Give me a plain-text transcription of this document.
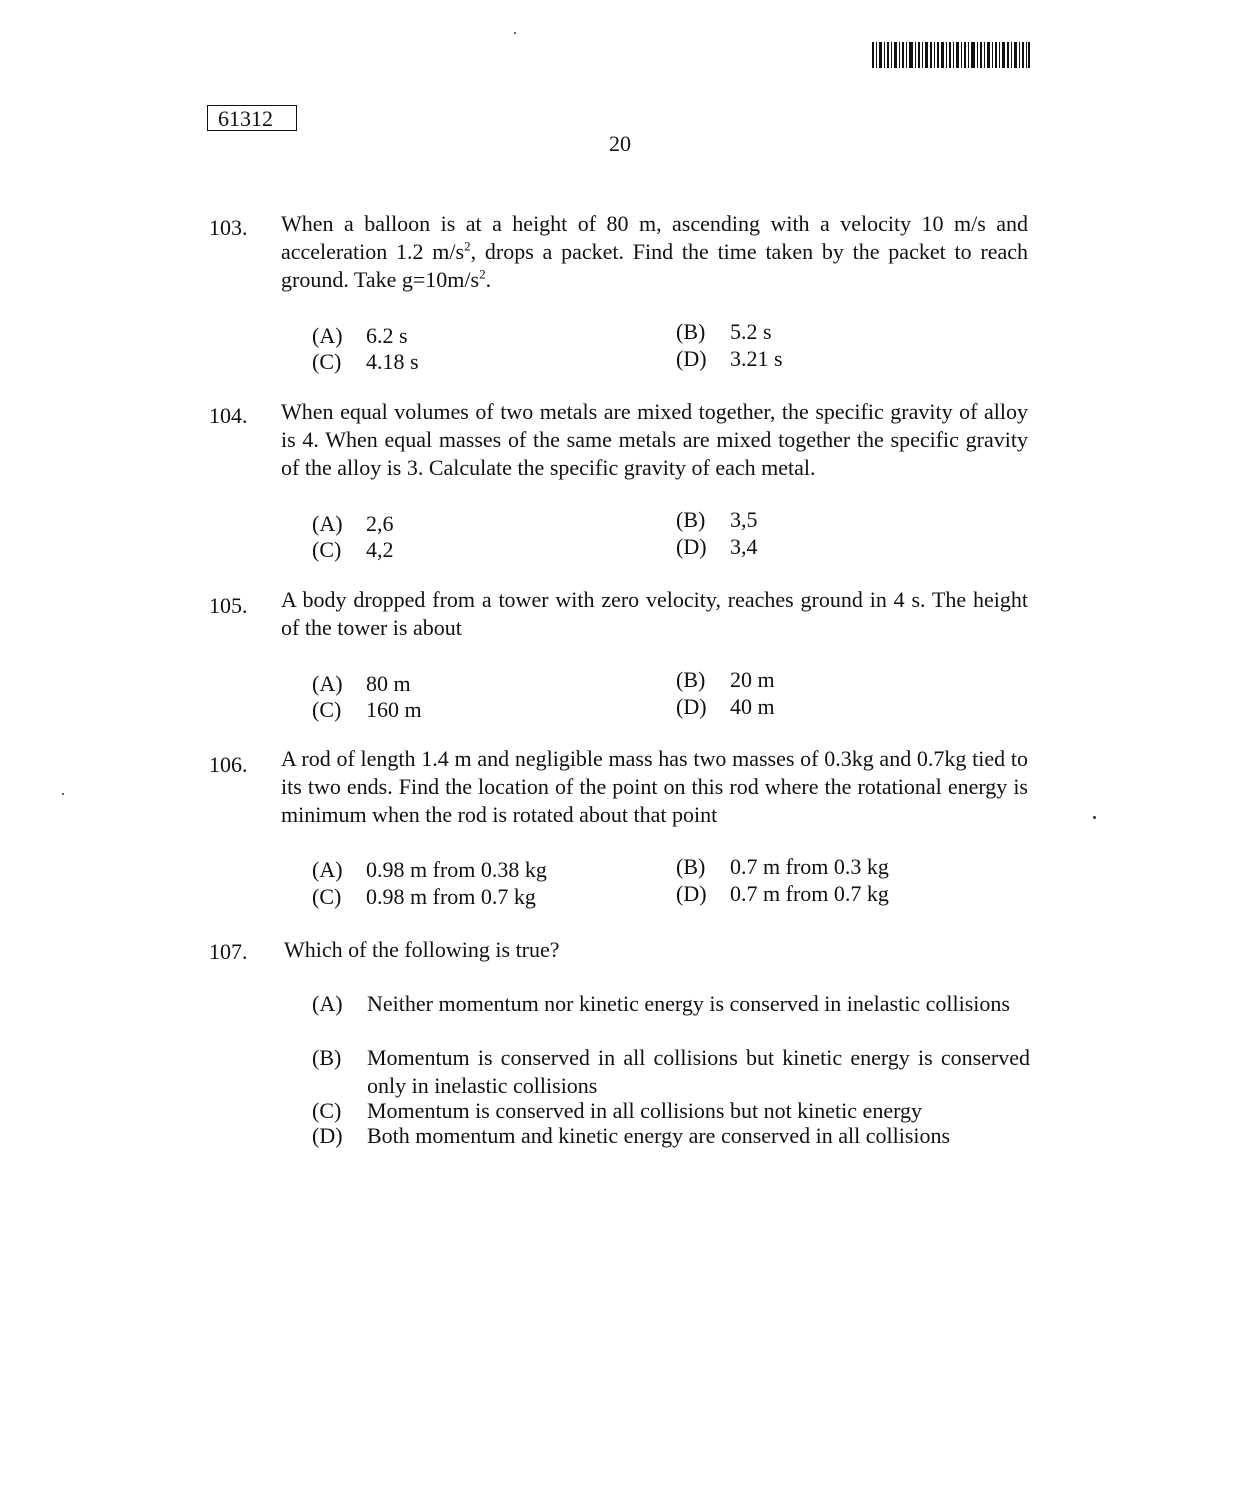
61312
20
103. When a balloon is at a height of 80 m, ascending with a velocity 10 m/s and acceleration 1.2 $m/s^2$, drops a packet. Find the time taken by the packet to reach ground. Take $g=10m/s^2$.
(A) 6.2 s	(B) 5.2 s
(C) 4.18 s	(D) 3.21 s
104. When equal volumes of two metals are mixed together, the specific gravity of alloy is 4. When equal masses of the same metals are mixed together the specific gravity of the alloy is 3. Calculate the specific gravity of each metal.
(A) 2,6	(B) 3,5
(C) 4,2	(D) 3,4
105. A body dropped from a tower with zero velocity, reaches ground in 4 s. The height of the tower is about
(A) 80 m	(B) 20 m
(C) 160 m	(D) 40 m
106. A rod of length 1.4 m and negligible mass has two masses of 0.3kg and 0.7kg tied to its two ends. Find the location of the point on this rod where the rotational energy is minimum when the rod is rotated about that point
(A) 0.98 m from 0.38 kg	(B) 0.7 m from 0.3 kg
(C) 0.98 m from 0.7 kg	(D) 0.7 m from 0.7 kg
107. Which of the following is true?
(A) Neither momentum nor kinetic energy is conserved in inelastic collisions
(B) Momentum is conserved in all collisions but kinetic energy is conserved only in inelastic collisions
(C) Momentum is conserved in all collisions but not kinetic energy
(D) Both momentum and kinetic energy are conserved in all collisions
